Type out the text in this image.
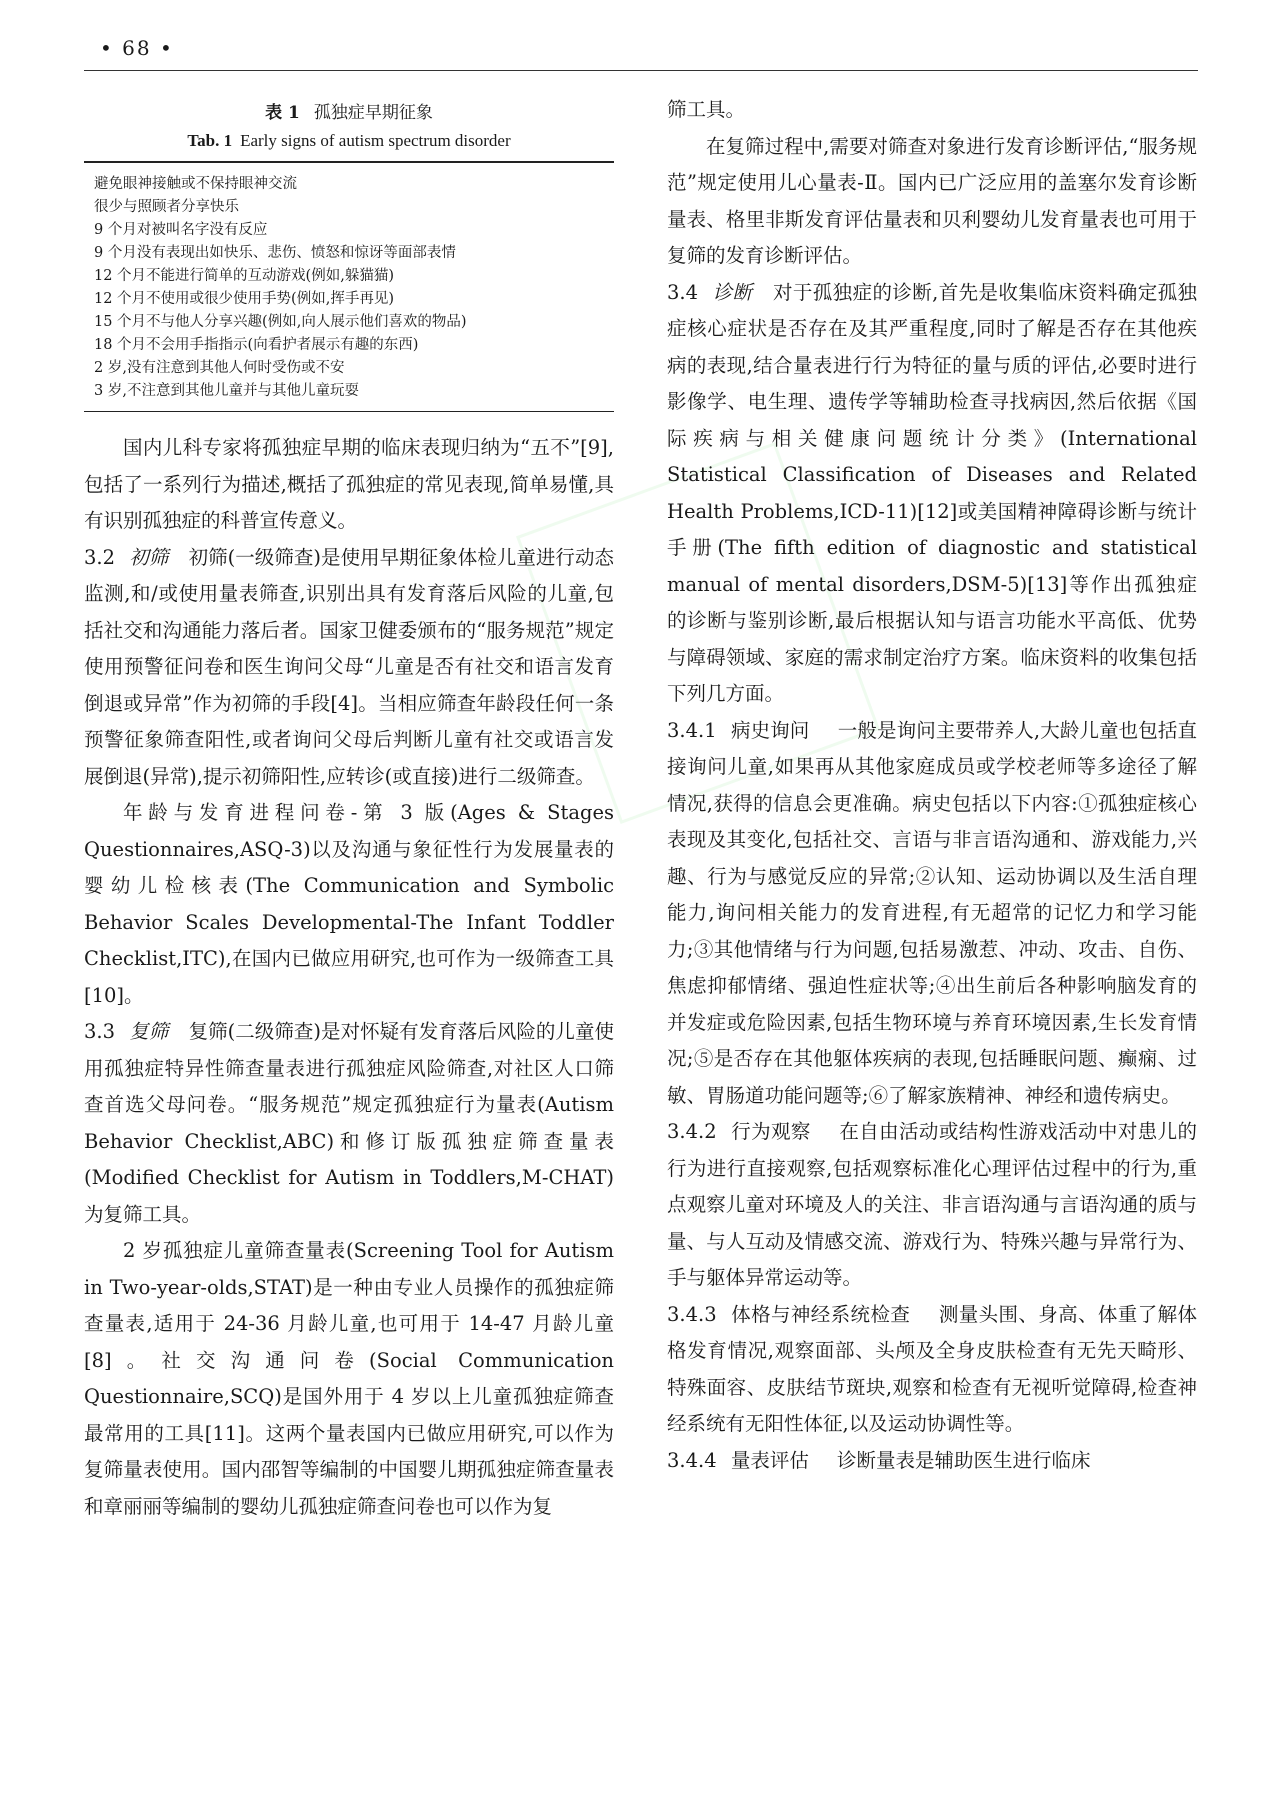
• 68 •
表 1 孤独症早期征象
Tab. 1 Early signs of autism spectrum disorder
避免眼神接触或不保持眼神交流
很少与照顾者分享快乐
9 个月对被叫名字没有反应
9 个月没有表现出如快乐、悲伤、愤怒和惊讶等面部表情
12 个月不能进行简单的互动游戏(例如,躲猫猫)
12 个月不使用或很少使用手势(例如,挥手再见)
15 个月不与他人分享兴趣(例如,向人展示他们喜欢的物品)
18 个月不会用手指指示(向看护者展示有趣的东西)
2 岁,没有注意到其他人何时受伤或不安
3 岁,不注意到其他儿童并与其他儿童玩耍

国内儿科专家将孤独症早期的临床表现归纳为“五不”[9],包括了一系列行为描述,概括了孤独症的常见表现,简单易懂,具有识别孤独症的科普宣传意义。

3.2 初筛 初筛(一级筛查)是使用早期征象体检儿童进行动态监测,和/或使用量表筛查,识别出具有发育落后风险的儿童,包括社交和沟通能力落后者。国家卫健委颁布的“服务规范”规定使用预警征问卷和医生询问父母“儿童是否有社交和语言发育倒退或异常”作为初筛的手段[4]。当相应筛查年龄段任何一条预警征象筛查阳性,或者询问父母后判断儿童有社交或语言发展倒退(异常),提示初筛阳性,应转诊(或直接)进行二级筛查。

年龄与发育进程问卷-第 3 版(Ages & Stages Questionnaires,ASQ-3)以及沟通与象征性行为发展量表的婴幼儿检核表(The Communication and Symbolic Behavior Scales Developmental-The Infant Toddler Checklist,ITC),在国内已做应用研究,也可作为一级筛查工具[10]。

3.3 复筛 复筛(二级筛查)是对怀疑有发育落后风险的儿童使用孤独症特异性筛查量表进行孤独症风险筛查,对社区人口筛查首选父母问卷。“服务规范”规定孤独症行为量表(Autism Behavior Checklist,ABC)和修订版孤独症筛查量表(Modified Checklist for Autism in Toddlers,M-CHAT)为复筛工具。

2 岁孤独症儿童筛查量表(Screening Tool for Autism in Two-year-olds,STAT)是一种由专业人员操作的孤独症筛查量表,适用于 24-36 月龄儿童,也可用于 14-47 月龄儿童[8]。社交沟通问卷(Social Communication Questionnaire,SCQ)是国外用于 4 岁以上儿童孤独症筛查最常用的工具[11]。这两个量表国内已做应用研究,可以作为复筛量表使用。国内邵智等编制的中国婴儿期孤独症筛查量表和章丽丽等编制的婴幼儿孤独症筛查问卷也可以作为复

筛工具。

在复筛过程中,需要对筛查对象进行发育诊断评估,“服务规范”规定使用儿心量表-Ⅱ。国内已广泛应用的盖塞尔发育诊断量表、格里非斯发育评估量表和贝利婴幼儿发育量表也可用于复筛的发育诊断评估。

3.4 诊断 对于孤独症的诊断,首先是收集临床资料确定孤独症核心症状是否存在及其严重程度,同时了解是否存在其他疾病的表现,结合量表进行行为特征的量与质的评估,必要时进行影像学、电生理、遗传学等辅助检查寻找病因,然后依据《国际疾病与相关健康问题统计分类》(International Statistical Classification of Diseases and Related Health Problems,ICD-11)[12]或美国精神障碍诊断与统计手册(The fifth edition of diagnostic and statistical manual of mental disorders,DSM-5)[13]等作出孤独症的诊断与鉴别诊断,最后根据认知与语言功能水平高低、优势与障碍领域、家庭的需求制定治疗方案。临床资料的收集包括下列几方面。

3.4.1 病史询问 一般是询问主要带养人,大龄儿童也包括直接询问儿童,如果再从其他家庭成员或学校老师等多途径了解情况,获得的信息会更准确。病史包括以下内容:①孤独症核心表现及其变化,包括社交、言语与非言语沟通和、游戏能力,兴趣、行为与感觉反应的异常;②认知、运动协调以及生活自理能力,询问相关能力的发育进程,有无超常的记忆力和学习能力;③其他情绪与行为问题,包括易激惹、冲动、攻击、自伤、焦虑抑郁情绪、强迫性症状等;④出生前后各种影响脑发育的并发症或危险因素,包括生物环境与养育环境因素,生长发育情况;⑤是否存在其他躯体疾病的表现,包括睡眠问题、癫痫、过敏、胃肠道功能问题等;⑥了解家族精神、神经和遗传病史。

3.4.2 行为观察 在自由活动或结构性游戏活动中对患儿的行为进行直接观察,包括观察标准化心理评估过程中的行为,重点观察儿童对环境及人的关注、非言语沟通与言语沟通的质与量、与人互动及情感交流、游戏行为、特殊兴趣与异常行为、手与躯体异常运动等。

3.4.3 体格与神经系统检查 测量头围、身高、体重了解体格发育情况,观察面部、头颅及全身皮肤检查有无先天畸形、特殊面容、皮肤结节斑块,观察和检查有无视听觉障碍,检查神经系统有无阳性体征,以及运动协调性等。

3.4.4 量表评估 诊断量表是辅助医生进行临床
